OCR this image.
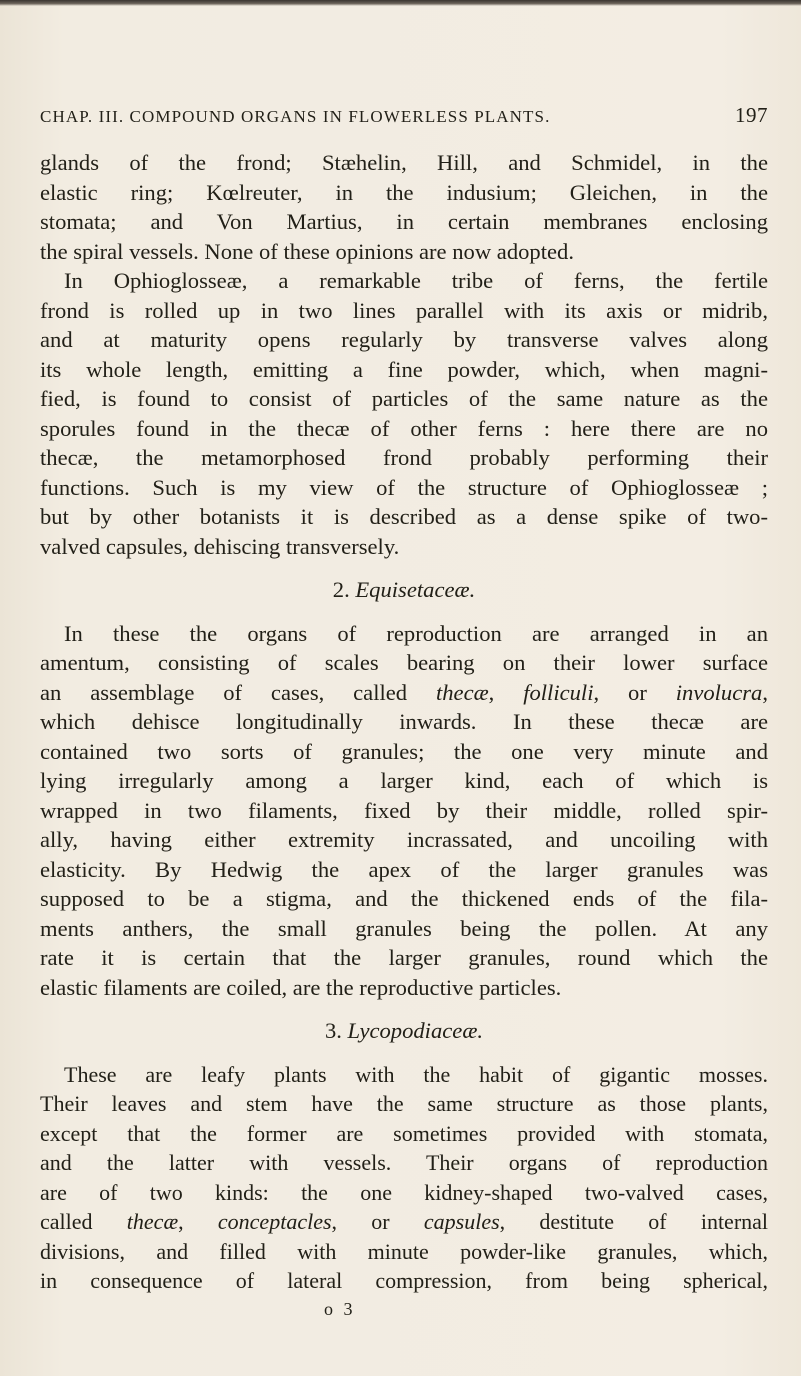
CHAP. III. COMPOUND ORGANS IN FLOWERLESS PLANTS.	197
glands of the frond; Stæhelin, Hill, and Schmidel, in the
elastic ring; Kœlreuter, in the indusium; Gleichen, in the
stomata; and Von Martius, in certain membranes enclosing
the spiral vessels. None of these opinions are now adopted.
In Ophioglosseæ, a remarkable tribe of ferns, the fertile
frond is rolled up in two lines parallel with its axis or midrib,
and at maturity opens regularly by transverse valves along
its whole length, emitting a fine powder, which, when magni-
fied, is found to consist of particles of the same nature as the
sporules found in the thecæ of other ferns : here there are no
thecæ, the metamorphosed frond probably performing their
functions. Such is my view of the structure of Ophioglosseæ ;
but by other botanists it is described as a dense spike of two-
valved capsules, dehiscing transversely.
2. Equisetaceæ.
In these the organs of reproduction are arranged in an
amentum, consisting of scales bearing on their lower surface
an assemblage of cases, called thecæ, folliculi, or involucra,
which dehisce longitudinally inwards. In these thecæ are
contained two sorts of granules; the one very minute and
lying irregularly among a larger kind, each of which is
wrapped in two filaments, fixed by their middle, rolled spir-
ally, having either extremity incrassated, and uncoiling with
elasticity. By Hedwig the apex of the larger granules was
supposed to be a stigma, and the thickened ends of the fila-
ments anthers, the small granules being the pollen. At any
rate it is certain that the larger granules, round which the
elastic filaments are coiled, are the reproductive particles.
3. Lycopodiaceæ.
These are leafy plants with the habit of gigantic mosses.
Their leaves and stem have the same structure as those plants,
except that the former are sometimes provided with stomata,
and the latter with vessels. Their organs of reproduction
are of two kinds: the one kidney-shaped two-valved cases,
called thecæ, conceptacles, or capsules, destitute of internal
divisions, and filled with minute powder-like granules, which,
in consequence of lateral compression, from being spherical,
o 3
